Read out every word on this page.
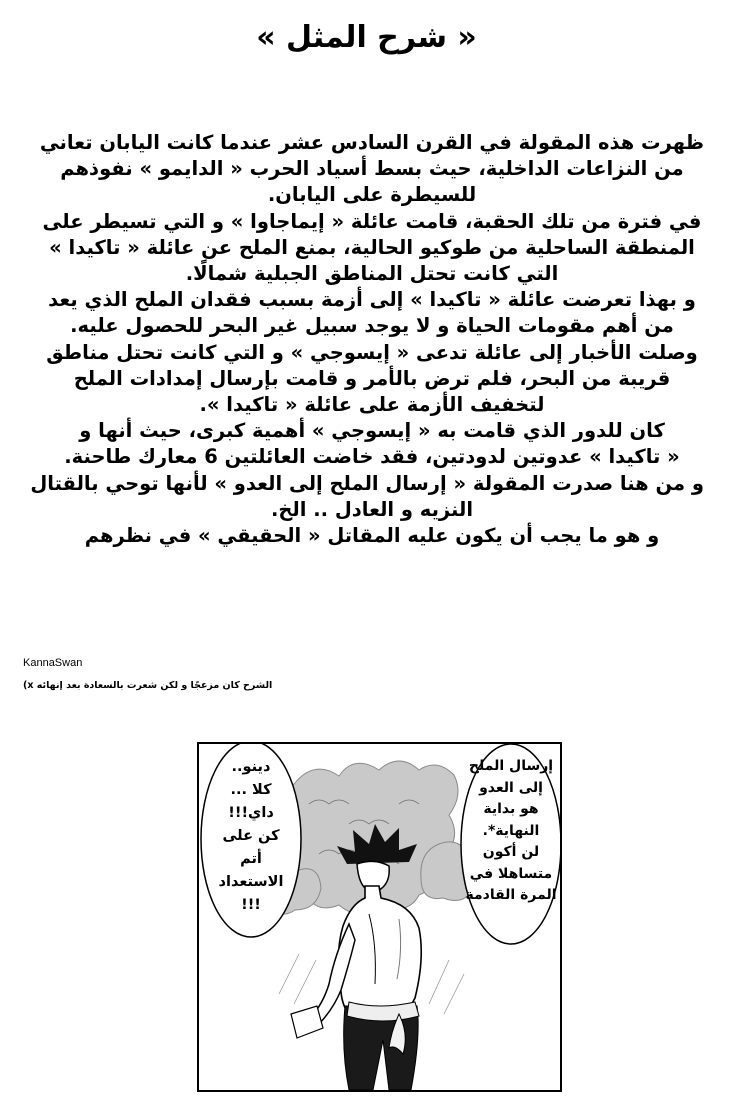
« شرح المثل »
ظهرت هذه المقولة في القرن السادس عشر عندما كانت اليابان تعاني
من النزاعات الداخلية، حيث بسط أسياد الحرب « الدايمو » نفوذهم
للسيطرة على اليابان.
في فترة من تلك الحقبة، قامت عائلة « إيماجاوا » و التي تسيطر على
المنطقة الساحلية من طوكيو الحالية، بمنع الملح عن عائلة « تاكيدا »
التي كانت تحتل المناطق الجبلية شمالًا.
و بهذا تعرضت عائلة « تاكيدا » إلى أزمة بسبب فقدان الملح الذي يعد
من أهم مقومات الحياة و لا يوجد سبيل غير البحر للحصول عليه.
وصلت الأخبار إلى عائلة تدعى « إيسوجي » و التي كانت تحتل مناطق
قريبة من البحر، فلم ترض بالأمر و قامت بإرسال إمدادات الملح
لتخفيف الأزمة على عائلة « تاكيدا ».
كان للدور الذي قامت به « إيسوجي » أهمية كبرى، حيث أنها و
« تاكيدا » عدوتين لدودتين، فقد خاضت العائلتين 6 معارك طاحنة.
و من هنا صدرت المقولة « إرسال الملح إلى العدو » لأنها توحي بالقتال
النزيه و العادل .. الخ.
و هو ما يجب أن يكون عليه المقاتل « الحقيقي » في نظرهم
KannaSwan
الشرح كان مزعجًا و لكن شعرت بالسعادة بعد إنهائه x)
دينو..
كلا ...
داي!!!
كن على
أتم
الاستعداد
!!!
إرسال الملح
إلى العدو
هو بداية
النهاية*.
لن أكون
متساهلا في
المرة القادمة
